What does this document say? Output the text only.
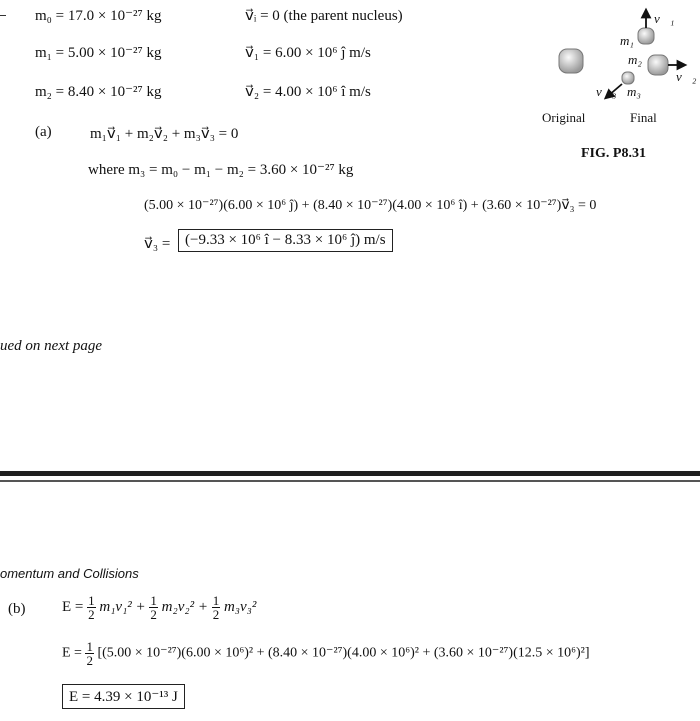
m₀ = 17.0 × 10⁻²⁷ kg
m₁ = 5.00 × 10⁻²⁷ kg
m₂ = 8.40 × 10⁻²⁷ kg
v⃗ᵢ = 0 (the parent nucleus)
v⃗₁ = 6.00 × 10⁶ ĵ m/s
v⃗₂ = 4.00 × 10⁶ î m/s
v⃗₁
m₁
m₂
v⃗₂
v⃗₃ m₃
Original	Final
FIG. P8.31
(a)	m₁v⃗₁ + m₂v⃗₂ + m₃v⃗₃ = 0
where m₃ = m₀ − m₁ − m₂ = 3.60 × 10⁻²⁷ kg
(5.00 × 10⁻²⁷)(6.00 × 10⁶ ĵ) + (8.40 × 10⁻²⁷)(4.00 × 10⁶ î) + (3.60 × 10⁻²⁷)v⃗₃ = 0
v⃗₃ = (−9.33 × 10⁶ î − 8.33 × 10⁶ ĵ) m/s
ued on next page
omentum and Collisions
(b) $E = \frac{1}{2} m_1v_1^2 + \frac{1}{2} m_2v_2^2 + \frac{1}{2} m_3v_3^2$
$E = \frac{1}{2} [(5.00 \times 10^{-27})(6.00 \times 10^6)^2 + (8.40 \times 10^{-27})(4.00 \times 10^6)^2 + (3.60 \times 10^{-27})(12.5 \times 10^6)^2]$
E = 4.39 × 10⁻¹³ J
